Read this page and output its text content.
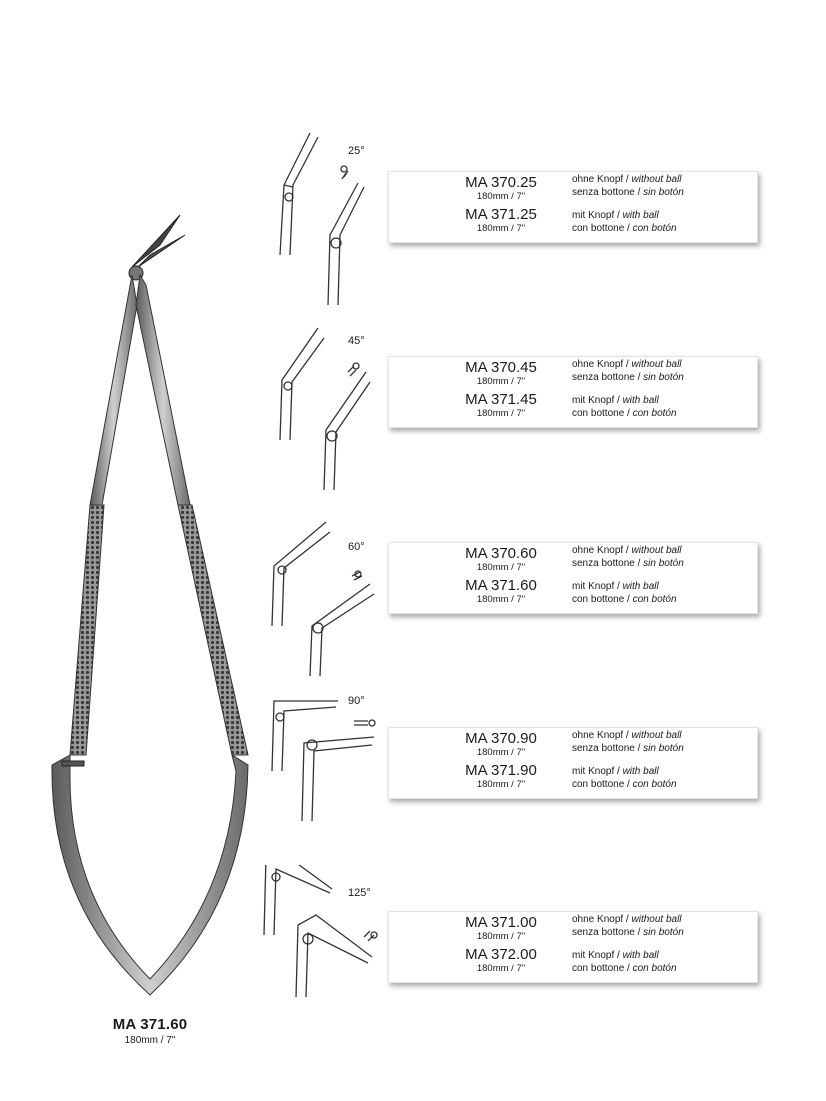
MA 371.60
180mm / 7"
25°
MA 370.25
180mm / 7"
MA 371.25
180mm / 7"
ohne Knopf / without ball
senza bottone / sin botón
mit Knopf / with ball
con bottone / con botón
45°
MA 370.45
180mm / 7"
MA 371.45
180mm / 7"
ohne Knopf / without ball
senza bottone / sin botón
mit Knopf / with ball
con bottone / con botón
60°	MA 370.60
180mm / 7"
MA 371.60
180mm / 7"
ohne Knopf / without ball
senza bottone / sin botón
mit Knopf / with ball
con bottone / con botón
90°
MA 370.90
180mm / 7"
MA 371.90
180mm / 7"
ohne Knopf / without ball
senza bottone / sin botón
mit Knopf / with ball
con bottone / con botón
125°
MA 371.00
180mm / 7"
MA 372.00
180mm / 7"
ohne Knopf / without ball
senza bottone / sin botón
mit Knopf / with ball
con bottone / con botón
